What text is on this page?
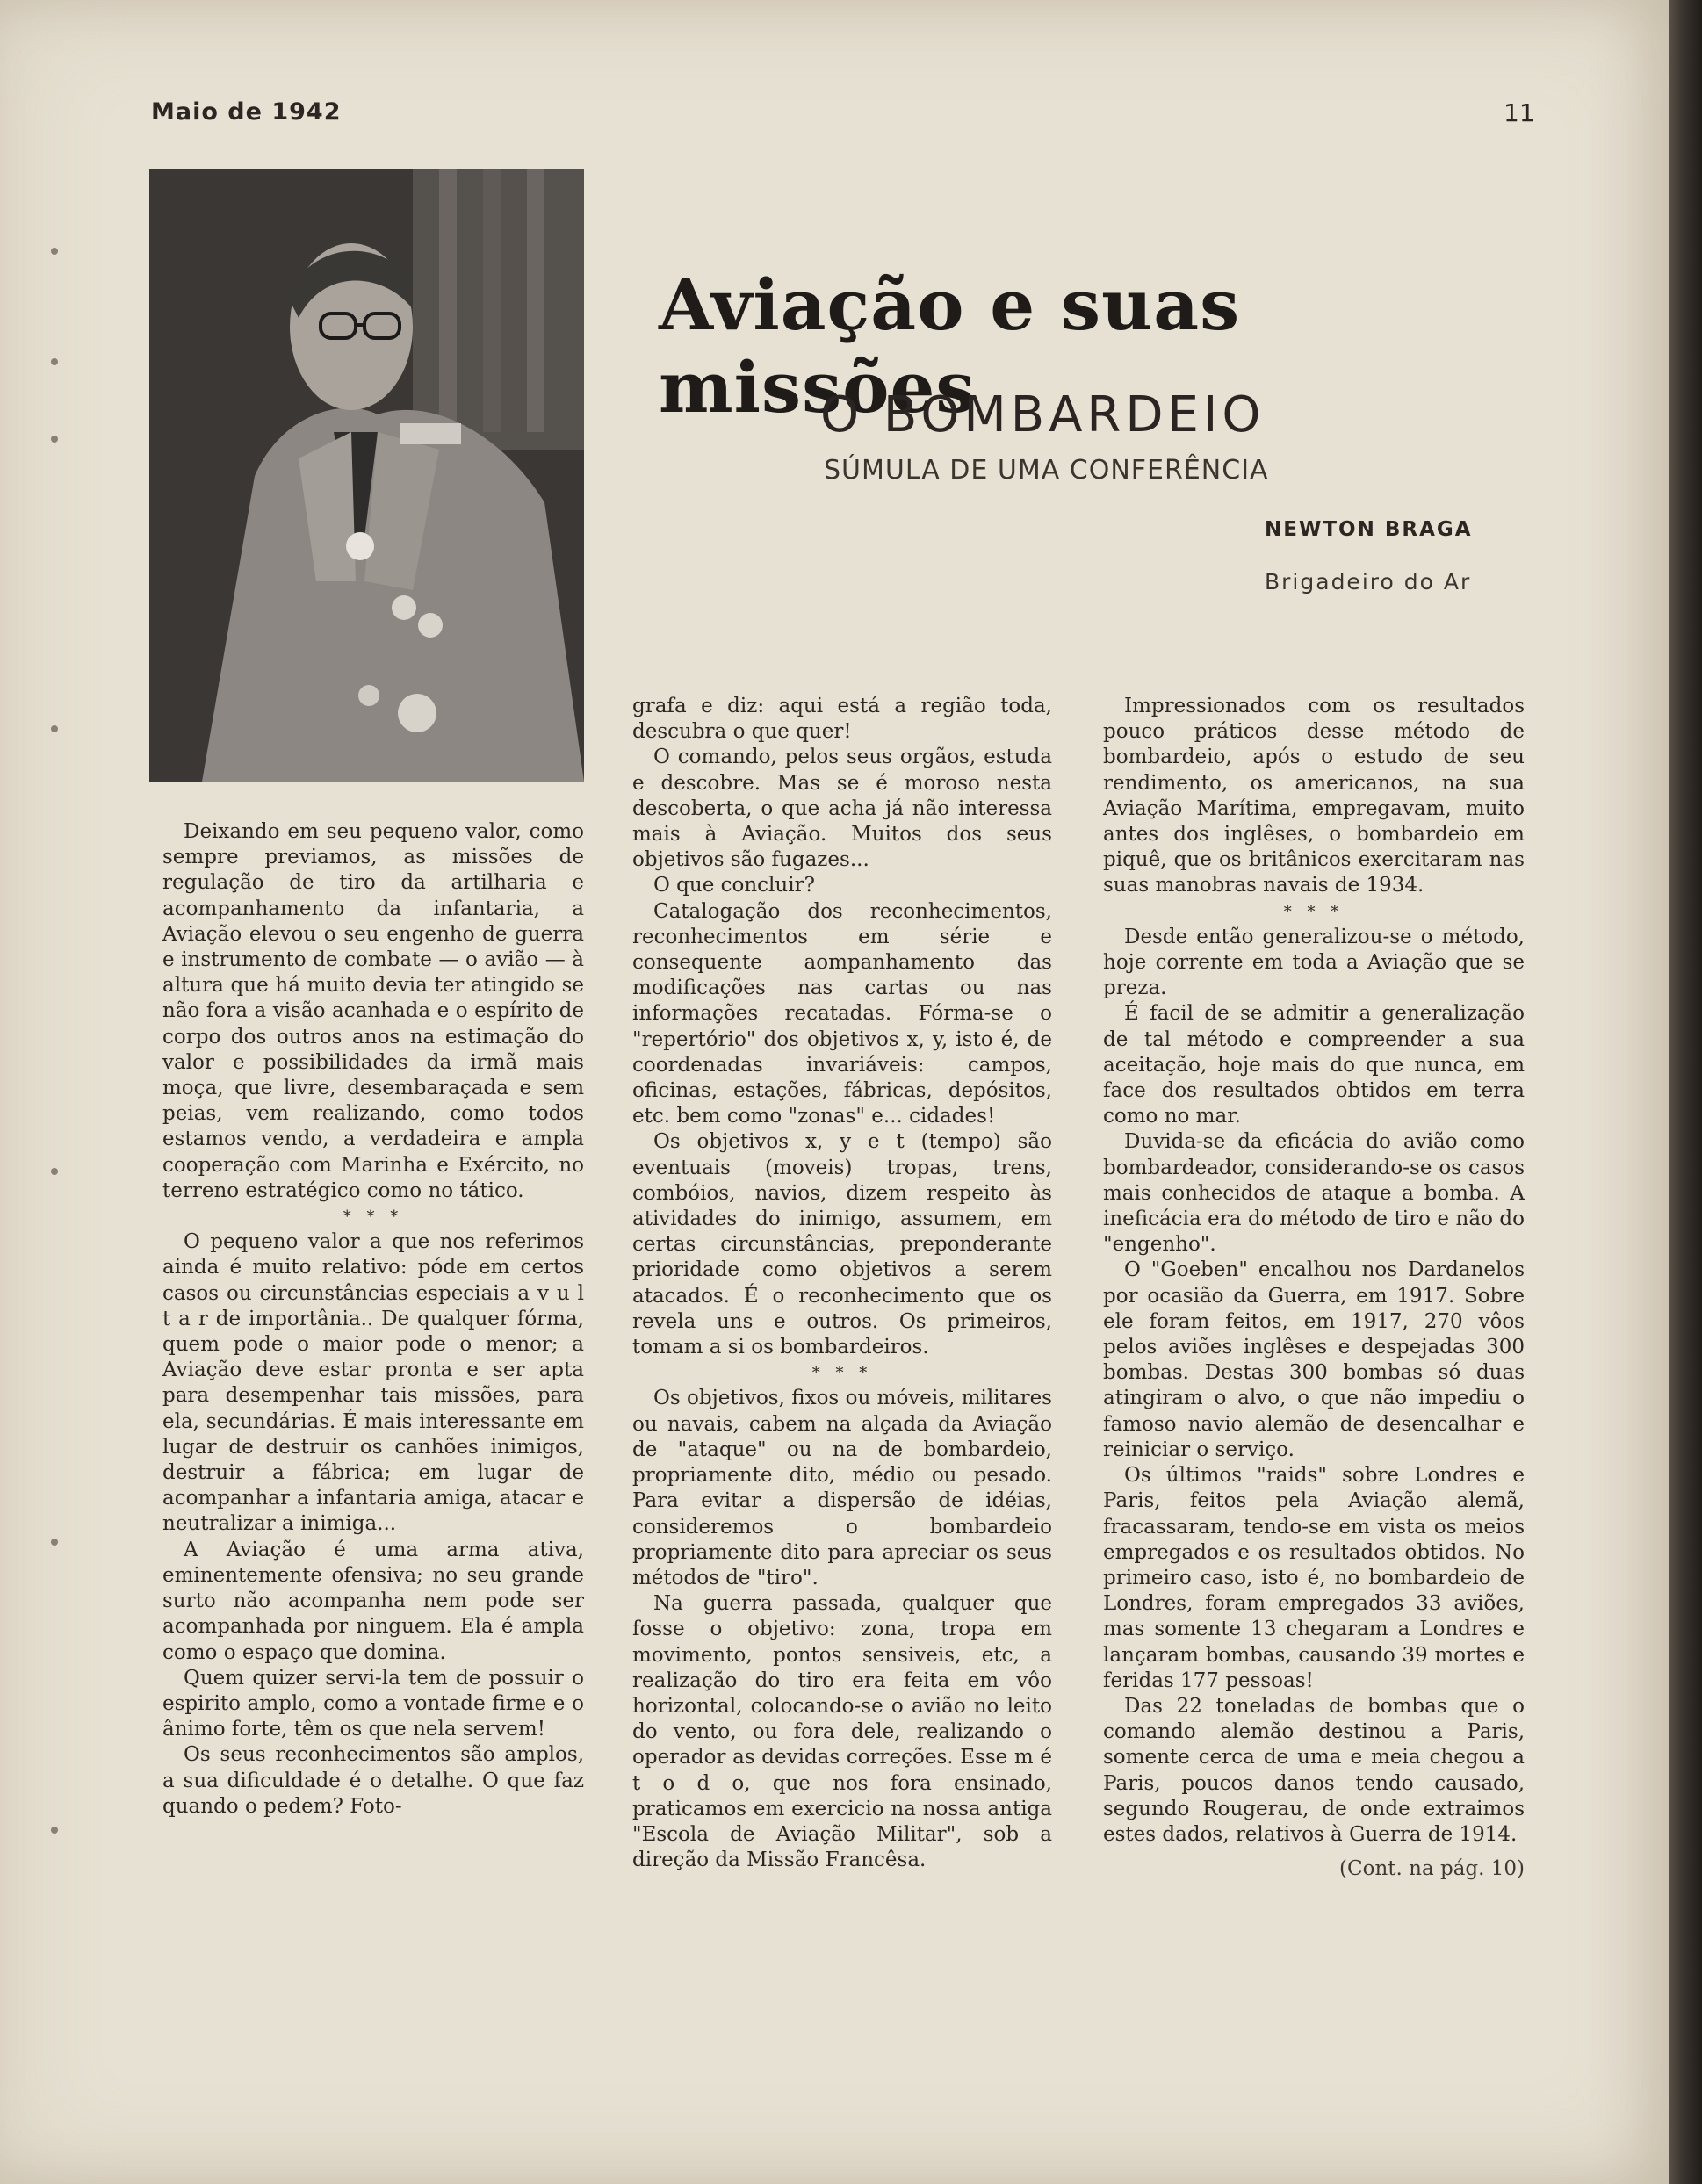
Maio de 1942	11
Aviação e suas missões
O BOMBARDEIO
SÚMULA DE UMA CONFERÊNCIA
NEWTON BRAGA
Brigadeiro do Ar

Deixando em seu pequeno valor, como sempre previamos, as missões de regulação de tiro da artilharia e acompanhamento da infantaria, a Aviação elevou o seu engenho de guerra e instrumento de combate — o avião — à altura que há muito devia ter atingido se não fora a visão acanhada e o espírito de corpo dos outros anos na estimação do valor e possibilidades da irmã mais moça, que livre, desembaraçada e sem peias, vem realizando, como todos estamos vendo, a verdadeira e ampla cooperação com Marinha e Exército, no terreno estratégico como no tático.

* * *

O pequeno valor a que nos referimos ainda é muito relativo: póde em certos casos ou circunstâncias especiais a v u l t a r de importânia.. De qualquer fórma, quem pode o maior pode o menor; a Aviação deve estar pronta e ser apta para desempenhar tais missões, para ela, secundárias. É mais interessante em lugar de destruir os canhões inimigos, destruir a fábrica; em lugar de acompanhar a infantaria amiga, atacar e neutralizar a inimiga...

A Aviação é uma arma ativa, eminentemente ofensiva; no seu grande surto não acompanha nem pode ser acompanhada por ninguem. Ela é ampla como o espaço que domina.

Quem quizer servi-la tem de possuir o espirito amplo, como a vontade firme e o ânimo forte, têm os que nela servem!

Os seus reconhecimentos são amplos, a sua dificuldade é o detalhe. O que faz quando o pedem? Foto-

grafa e diz: aqui está a região toda, descubra o que quer!

O comando, pelos seus orgãos, estuda e descobre. Mas se é moroso nesta descoberta, o que acha já não interessa mais à Aviação. Muitos dos seus objetivos são fugazes...

O que concluir?

Catalogação dos reconhecimentos, reconhecimentos em série e consequente aompanhamento das modificações nas cartas ou nas informações recatadas. Fórma-se o "repertório" dos objetivos x, y, isto é, de coordenadas invariáveis: campos, oficinas, estações, fábricas, depósitos, etc. bem como "zonas" e... cidades!

Os objetivos x, y e t (tempo) são eventuais (moveis) tropas, trens, combóios, navios, dizem respeito às atividades do inimigo, assumem, em certas circunstâncias, preponderante prioridade como objetivos a serem atacados. É o reconhecimento que os revela uns e outros. Os primeiros, tomam a si os bombardeiros.

* * *

Os objetivos, fixos ou móveis, militares ou navais, cabem na alçada da Aviação de "ataque" ou na de bombardeio, propriamente dito, médio ou pesado. Para evitar a dispersão de idéias, consideremos o bombardeio propriamente dito para apreciar os seus métodos de "tiro".

Na guerra passada, qualquer que fosse o objetivo: zona, tropa em movimento, pontos sensiveis, etc, a realização do tiro era feita em vôo horizontal, colocando-se o avião no leito do vento, ou fora dele, realizando o operador as devidas correções. Esse m é t o d o, que nos fora ensinado, praticamos em exercicio na nossa antiga "Escola de Aviação Militar", sob a direção da Missão Francêsa.

Impressionados com os resultados pouco práticos desse método de bombardeio, após o estudo de seu rendimento, os americanos, na sua Aviação Marítima, empregavam, muito antes dos inglêses, o bombardeio em piquê, que os britânicos exercitaram nas suas manobras navais de 1934.

* * *

Desde então generalizou-se o método, hoje corrente em toda a Aviação que se preza.

É facil de se admitir a generalização de tal método e compreender a sua aceitação, hoje mais do que nunca, em face dos resultados obtidos em terra como no mar.

Duvida-se da eficácia do avião como bombardeador, considerando-se os casos mais conhecidos de ataque a bomba. A ineficácia era do método de tiro e não do "engenho".

O "Goeben" encalhou nos Dardanelos por ocasião da Guerra, em 1917. Sobre ele foram feitos, em 1917, 270 vôos pelos aviões inglêses e despejadas 300 bombas. Destas 300 bombas só duas atingiram o alvo, o que não impediu o famoso navio alemão de desencalhar e reiniciar o serviço.

Os últimos "raids" sobre Londres e Paris, feitos pela Aviação alemã, fracassaram, tendo-se em vista os meios empregados e os resultados obtidos. No primeiro caso, isto é, no bombardeio de Londres, foram empregados 33 aviões, mas somente 13 chegaram a Londres e lançaram bombas, causando 39 mortes e feridas 177 pessoas!

Das 22 toneladas de bombas que o comando alemão destinou a Paris, somente cerca de uma e meia chegou a Paris, poucos danos tendo causado, segundo Rougerau, de onde extraimos estes dados, relativos à Guerra de 1914.

(Cont. na pág. 10)
